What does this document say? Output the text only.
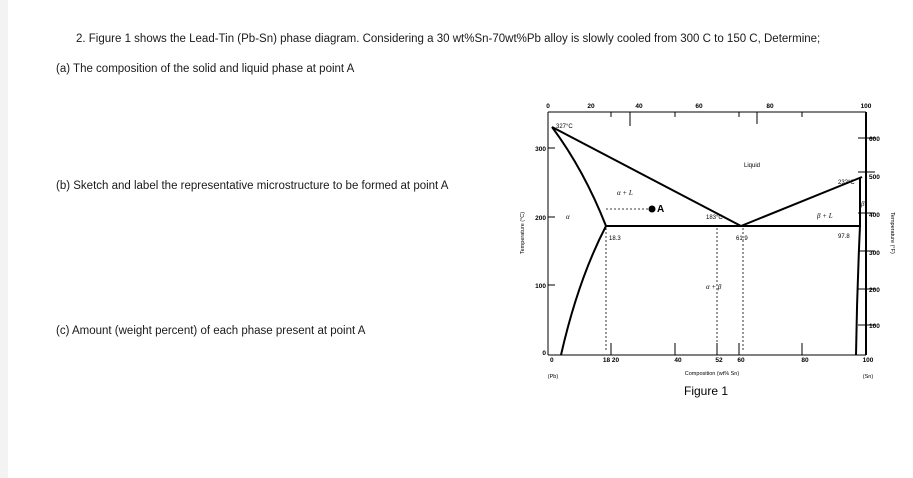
2. Figure 1 shows the Lead-Tin (Pb-Sn) phase diagram. Considering a 30 wt%Sn-70wt%Pb alloy is slowly cooled from 300 C to 150 C, Determine;
(a) The composition of the solid and liquid phase at point A
(b) Sketch and label the representative microstructure to be formed at point A
(c) Amount (weight percent) of each phase present at point A
0	20	40	60	80	100
300
200
100
0
Temperature (°C)
600
500
400
300
200
100
Temperature (°F)
0	18 20	40	52 60	80	100
(Pb)	(Sn)
Composition (wt% Sn)
Figure 1
327°C
232°C
183°C
Liquid
α + L
β + L
α + β
α
β
18.3	61.9	97.8
A
